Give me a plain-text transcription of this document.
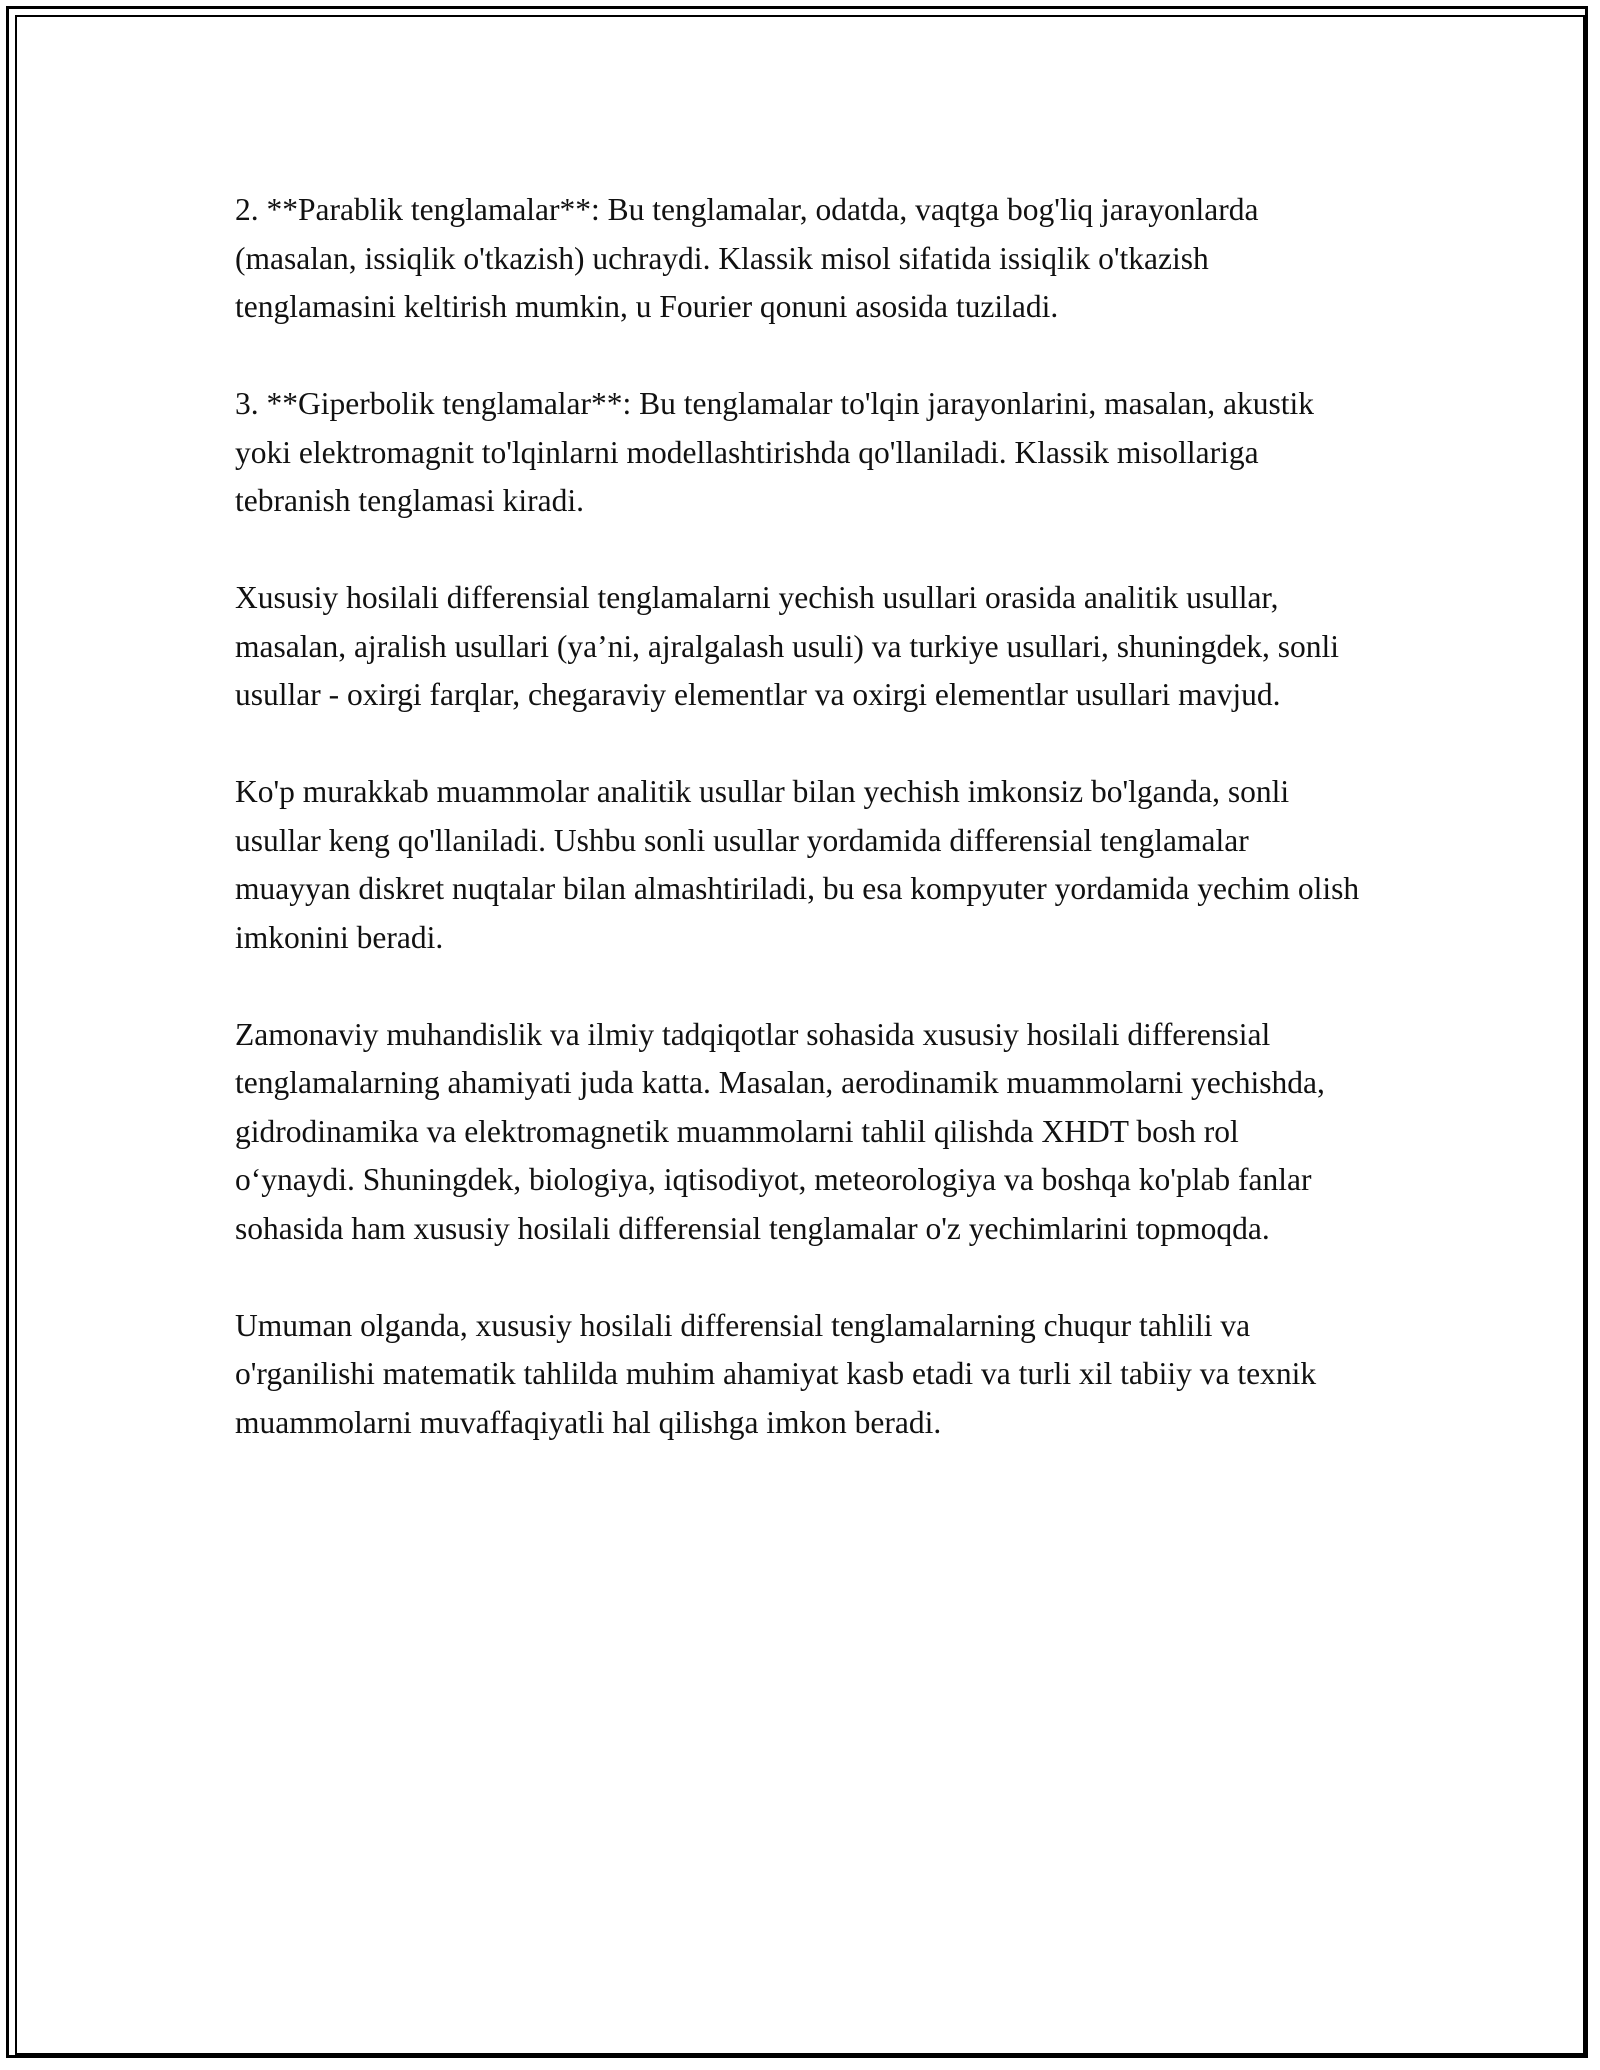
2. **Parablik tenglamalar**: Bu tenglamalar, odatda, vaqtga bog'liq jarayonlarda (masalan, issiqlik o'tkazish) uchraydi. Klassik misol sifatida issiqlik o'tkazish tenglamasini keltirish mumkin, u Fourier qonuni asosida tuziladi.

3. **Giperbolik tenglamalar**: Bu tenglamalar to'lqin jarayonlarini, masalan, akustik yoki elektromagnit to'lqinlarni modellashtirishda qo'llaniladi. Klassik misollariga tebranish tenglamasi kiradi.

Xususiy hosilali differensial tenglamalarni yechish usullari orasida analitik usullar, masalan, ajralish usullari (ya’ni, ajralgalash usuli) va turkiye usullari, shuningdek, sonli usullar - oxirgi farqlar, chegaraviy elementlar va oxirgi elementlar usullari mavjud.

Ko'p murakkab muammolar analitik usullar bilan yechish imkonsiz bo'lganda, sonli usullar keng qo'llaniladi. Ushbu sonli usullar yordamida differensial tenglamalar muayyan diskret nuqtalar bilan almashtiriladi, bu esa kompyuter yordamida yechim olish imkonini beradi.

Zamonaviy muhandislik va ilmiy tadqiqotlar sohasida xususiy hosilali differensial tenglamalarning ahamiyati juda katta. Masalan, aerodinamik muammolarni yechishda, gidrodinamika va elektromagnetik muammolarni tahlil qilishda XHDT bosh rol o‘ynaydi. Shuningdek, biologiya, iqtisodiyot, meteorologiya va boshqa ko'plab fanlar sohasida ham xususiy hosilali differensial tenglamalar o'z yechimlarini topmoqda.

Umuman olganda, xususiy hosilali differensial tenglamalarning chuqur tahlili va o'rganilishi matematik tahlilda muhim ahamiyat kasb etadi va turli xil tabiiy va texnik muammolarni muvaffaqiyatli hal qilishga imkon beradi.
